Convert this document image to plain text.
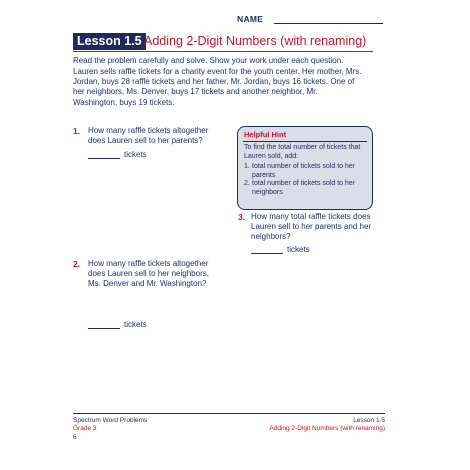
NAME
Lesson 1.5 Adding 2-Digit Numbers (with renaming)
Read the problem carefully and solve. Show your work under each question.
Lauren sells raffle tickets for a charity event for the youth center. Her mother, Mrs. Jordan, buys 28 raffle tickets and her father, Mr. Jordan, buys 16 tickets. One of her neighbors, Ms. Denver, buys 17 tickets and another neighbor, Mr. Washington, buys 19 tickets.
1. How many raffle tickets altogether does Lauren sell to her parents?
tickets
Helpful Hint
To find the total number of tickets that Lauren sold, add:
1. total number of tickets sold to her parents
2. total number of tickets sold to her neighbors
3. How many total raffle tickets does Lauren sell to her parents and her neighbors?
tickets
2. How many raffle tickets altogether does Lauren sell to her neighbors, Ms. Denver and Mr. Washington?
tickets
Spectrum Word Problems
Grade 3
6
Lesson 1.5
Adding 2-Digit Numbers (with renaming)
